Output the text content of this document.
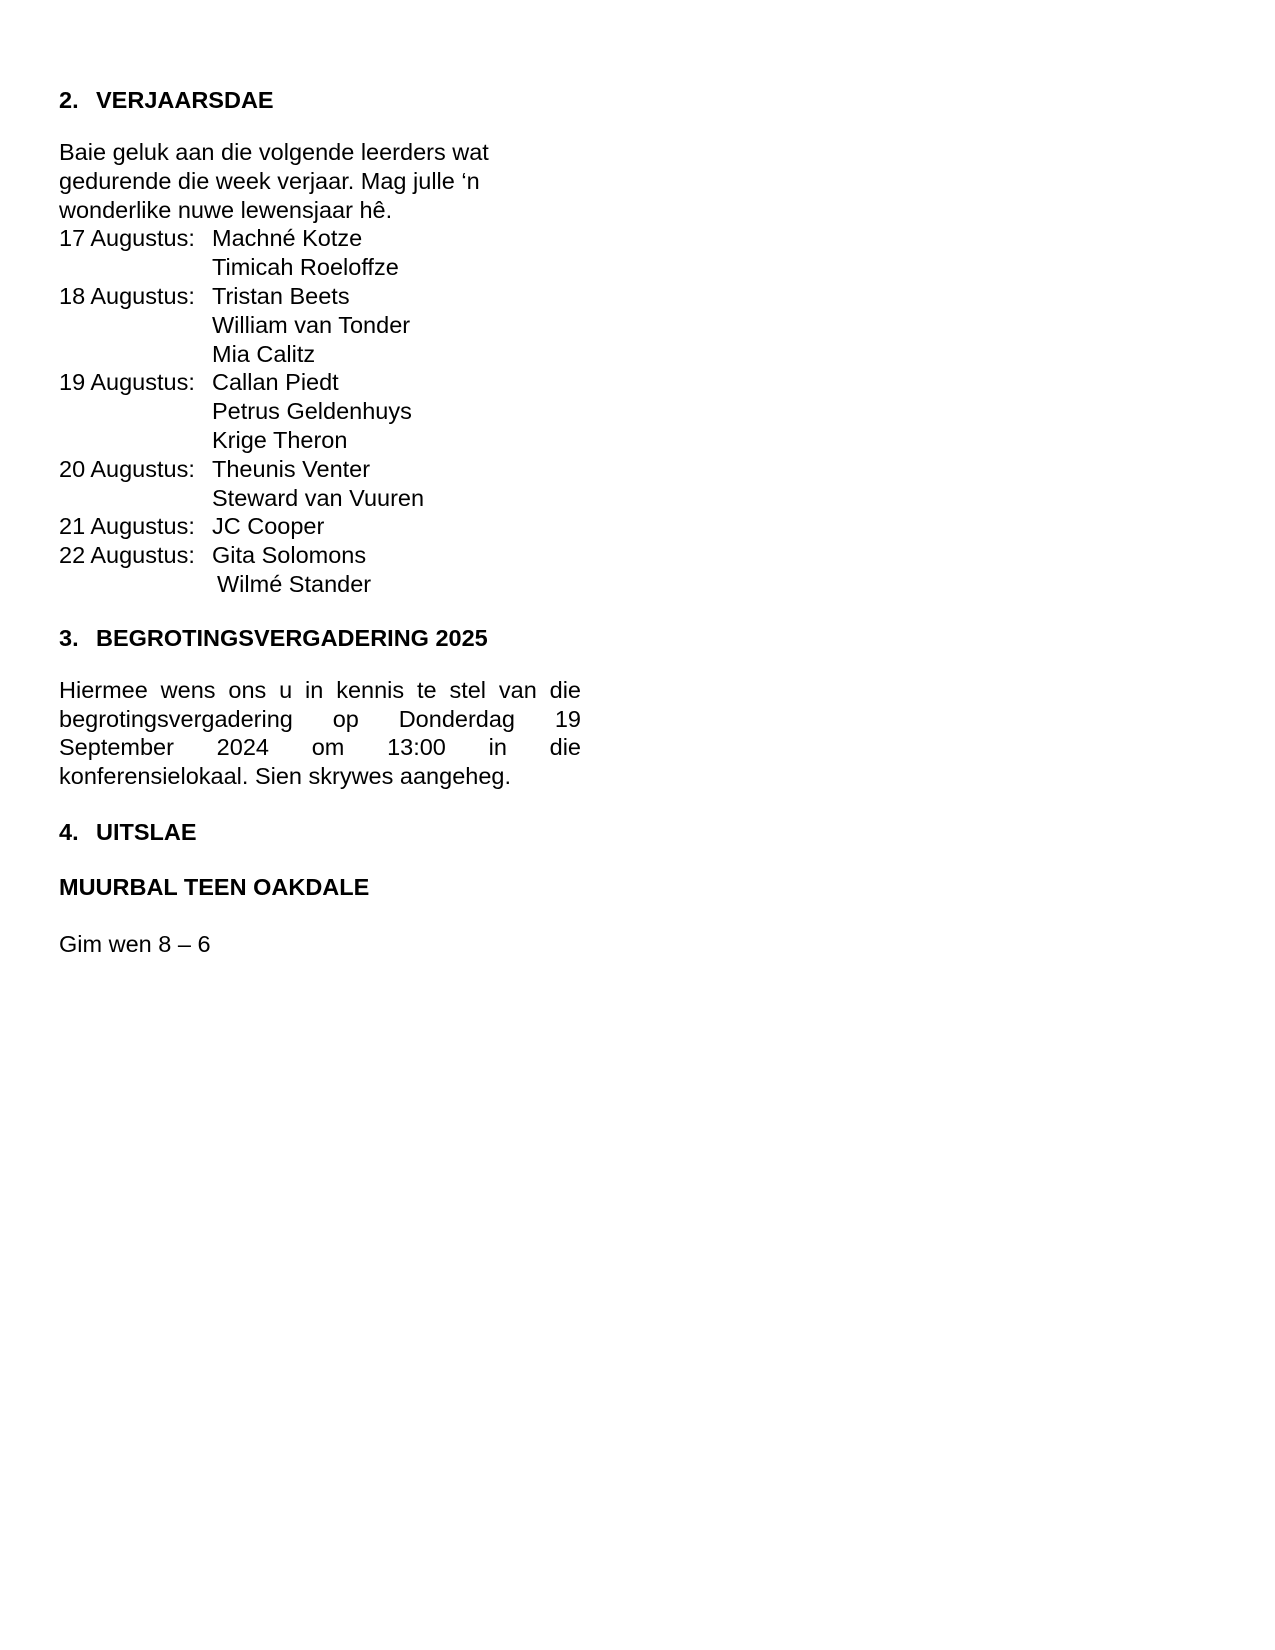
2. VERJAARSDAE
Baie geluk aan die volgende leerders wat
gedurende die week verjaar. Mag julle ‘n
wonderlike nuwe lewensjaar hê.
17 Augustus: Machné Kotze
Timicah Roeloffze
18 Augustus: Tristan Beets
William van Tonder
Mia Calitz
19 Augustus: Callan Piedt
Petrus Geldenhuys
Krige Theron
20 Augustus: Theunis Venter
Steward van Vuuren
21 Augustus: JC Cooper
22 Augustus: Gita Solomons
Wilmé Stander
3. BEGROTINGSVERGADERING 2025

Hiermee wens ons u in kennis te stel van die begrotingsvergadering op Donderdag 19 September 2024 om 13:00 in die konferensielokaal. Sien skrywes aangeheg.

4. UITSLAE
MUURBAL TEEN OAKDALE
Gim wen 8 – 6
